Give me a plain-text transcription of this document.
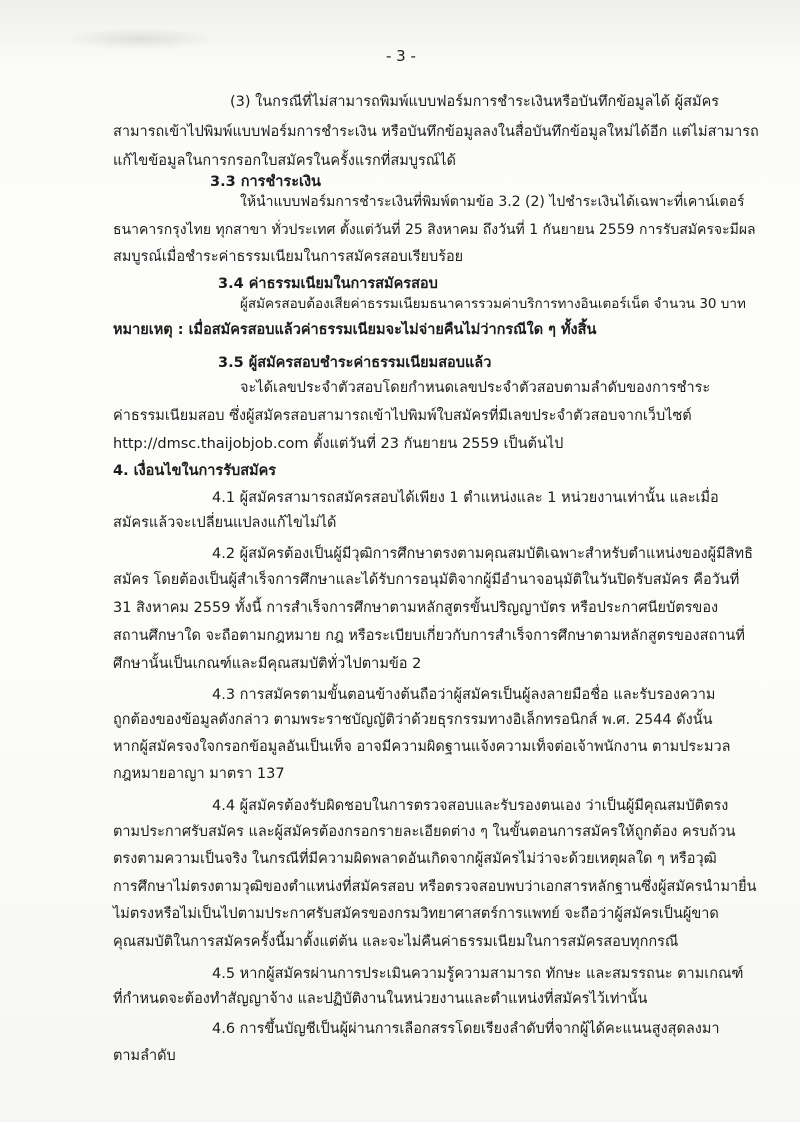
- 3 -
(3) ในกรณีที่ไม่สามารถพิมพ์แบบฟอร์มการชำระเงินหรือบันทึกข้อมูลได้ ผู้สมัคร
สามารถเข้าไปพิมพ์แบบฟอร์มการชำระเงิน หรือบันทึกข้อมูลลงในสื่อบันทึกข้อมูลใหม่ได้อีก แต่ไม่สามารถ
แก้ไขข้อมูลในการกรอกใบสมัครในครั้งแรกที่สมบูรณ์ได้
3.3 การชำระเงิน
ให้นำแบบฟอร์มการชำระเงินที่พิมพ์ตามข้อ 3.2 (2) ไปชำระเงินได้เฉพาะที่เคาน์เตอร์
ธนาคารกรุงไทย ทุกสาขา ทั่วประเทศ ตั้งแต่วันที่ 25 สิงหาคม ถึงวันที่ 1 กันยายน 2559 การรับสมัครจะมีผล
สมบูรณ์เมื่อชำระค่าธรรมเนียมในการสมัครสอบเรียบร้อย
3.4 ค่าธรรมเนียมในการสมัครสอบ
ผู้สมัครสอบต้องเสียค่าธรรมเนียมธนาคารรวมค่าบริการทางอินเตอร์เน็ต จำนวน 30 บาท
หมายเหตุ : เมื่อสมัครสอบแล้วค่าธรรมเนียมจะไม่จ่ายคืนไม่ว่ากรณีใด ๆ ทั้งสิ้น
3.5 ผู้สมัครสอบชำระค่าธรรมเนียมสอบแล้ว
จะได้เลขประจำตัวสอบโดยกำหนดเลขประจำตัวสอบตามลำดับของการชำระ
ค่าธรรมเนียมสอบ ซึ่งผู้สมัครสอบสามารถเข้าไปพิมพ์ใบสมัครที่มีเลขประจำตัวสอบจากเว็บไซต์
http://dmsc.thaijobjob.com ตั้งแต่วันที่ 23 กันยายน 2559 เป็นต้นไป
4. เงื่อนไขในการรับสมัคร
4.1 ผู้สมัครสามารถสมัครสอบได้เพียง 1 ตำแหน่งและ 1 หน่วยงานเท่านั้น และเมื่อ
สมัครแล้วจะเปลี่ยนแปลงแก้ไขไม่ได้
4.2 ผู้สมัครต้องเป็นผู้มีวุฒิการศึกษาตรงตามคุณสมบัติเฉพาะสำหรับตำแหน่งของผู้มีสิทธิ
สมัคร โดยต้องเป็นผู้สำเร็จการศึกษาและได้รับการอนุมัติจากผู้มีอำนาจอนุมัติในวันปิดรับสมัคร คือวันที่
31 สิงหาคม 2559 ทั้งนี้ การสำเร็จการศึกษาตามหลักสูตรขั้นปริญญาบัตร หรือประกาศนียบัตรของ
สถานศึกษาใด จะถือตามกฎหมาย กฎ หรือระเบียบเกี่ยวกับการสำเร็จการศึกษาตามหลักสูตรของสถานที่
ศึกษานั้นเป็นเกณฑ์และมีคุณสมบัติทั่วไปตามข้อ 2
4.3 การสมัครตามขั้นตอนข้างต้นถือว่าผู้สมัครเป็นผู้ลงลายมือชื่อ และรับรองความ
ถูกต้องของข้อมูลดังกล่าว ตามพระราชบัญญัติว่าด้วยธุรกรรมทางอิเล็กทรอนิกส์ พ.ศ. 2544 ดังนั้น
หากผู้สมัครจงใจกรอกข้อมูลอันเป็นเท็จ อาจมีความผิดฐานแจ้งความเท็จต่อเจ้าพนักงาน ตามประมวล
กฎหมายอาญา มาตรา 137
4.4 ผู้สมัครต้องรับผิดชอบในการตรวจสอบและรับรองตนเอง ว่าเป็นผู้มีคุณสมบัติตรง
ตามประกาศรับสมัคร และผู้สมัครต้องกรอกรายละเอียดต่าง ๆ ในขั้นตอนการสมัครให้ถูกต้อง ครบถ้วน
ตรงตามความเป็นจริง ในกรณีที่มีความผิดพลาดอันเกิดจากผู้สมัครไม่ว่าจะด้วยเหตุผลใด ๆ หรือวุฒิ
การศึกษาไม่ตรงตามวุฒิของตำแหน่งที่สมัครสอบ หรือตรวจสอบพบว่าเอกสารหลักฐานซึ่งผู้สมัครนำมายื่น
ไม่ตรงหรือไม่เป็นไปตามประกาศรับสมัครของกรมวิทยาศาสตร์การแพทย์ จะถือว่าผู้สมัครเป็นผู้ขาด
คุณสมบัติในการสมัครครั้งนี้มาตั้งแต่ต้น และจะไม่คืนค่าธรรมเนียมในการสมัครสอบทุกกรณี
4.5 หากผู้สมัครผ่านการประเมินความรู้ความสามารถ ทักษะ และสมรรถนะ ตามเกณฑ์
ที่กำหนดจะต้องทำสัญญาจ้าง และปฏิบัติงานในหน่วยงานและตำแหน่งที่สมัครไว้เท่านั้น
4.6 การขึ้นบัญชีเป็นผู้ผ่านการเลือกสรรโดยเรียงลำดับที่จากผู้ได้คะแนนสูงสุดลงมา
ตามลำดับ
